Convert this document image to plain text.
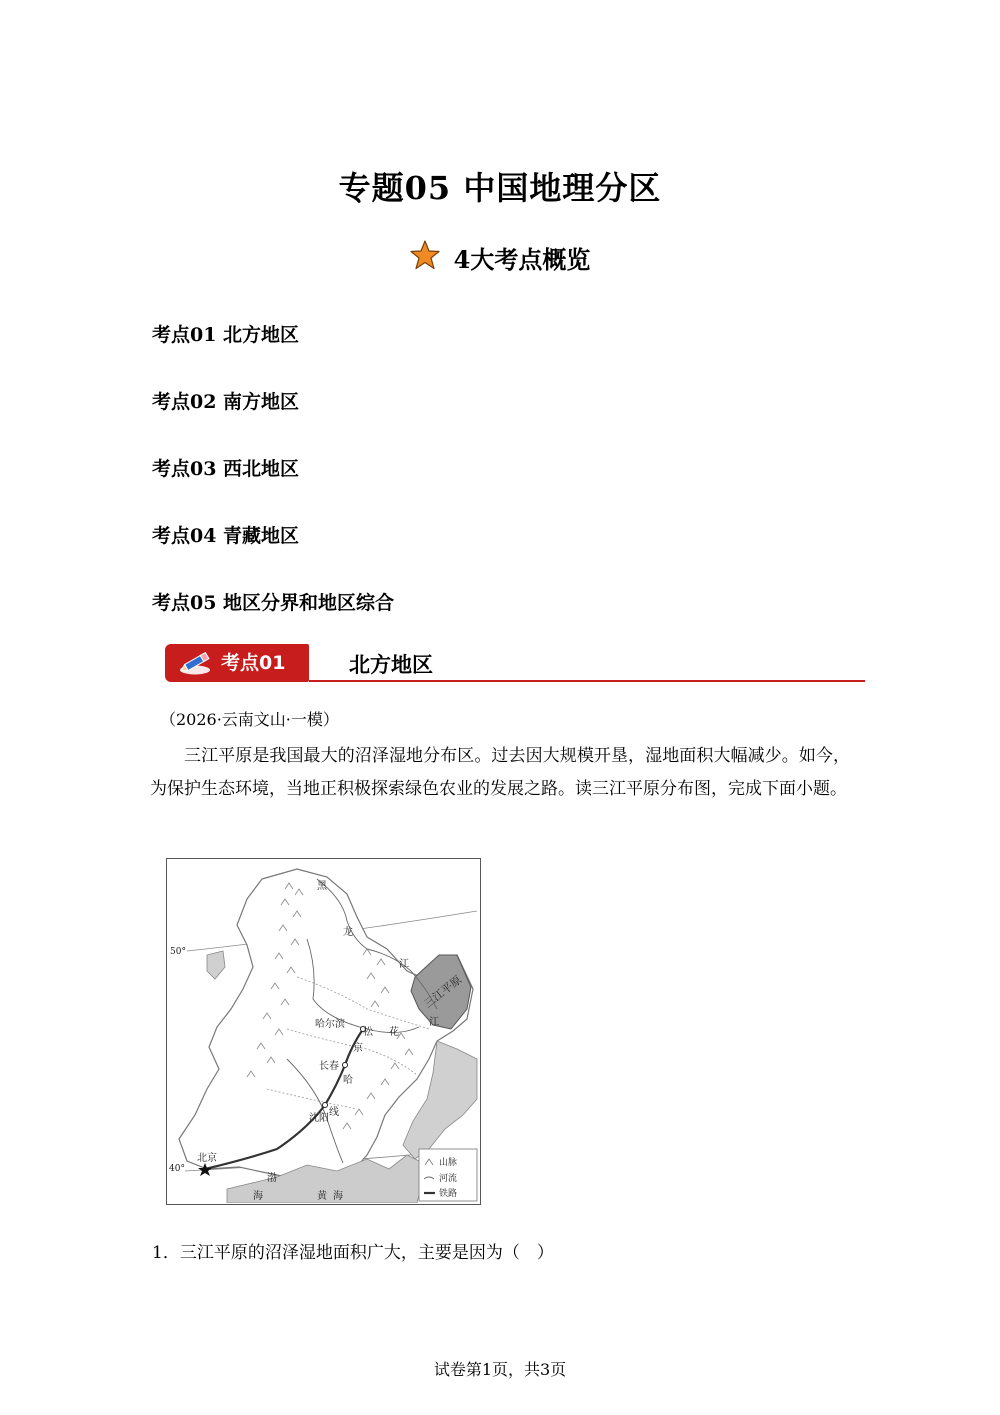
专题05 中国地理分区
4大考点概览
考点01 北方地区
考点02 南方地区
考点03 西北地区
考点04 青藏地区
考点05 地区分界和地区综合
考点01	北方地区
（2026·云南文山·一模）
三江平原是我国最大的沼泽湿地分布区。过去因大规模开垦，湿地面积大幅减少。如今，为保护生态环境，当地正积极探索绿色农业的发展之路。读三江平原分布图，完成下面小题。
50°
40°
三江平原
哈尔滨
长春
沈阳
北京
京
哈
线
黑
龙
江
松 花
江
渤
海	黄 海
山脉
河流
铁路
1．三江平原的沼泽湿地面积广大，主要是因为（　）
试卷第1页，共3页
